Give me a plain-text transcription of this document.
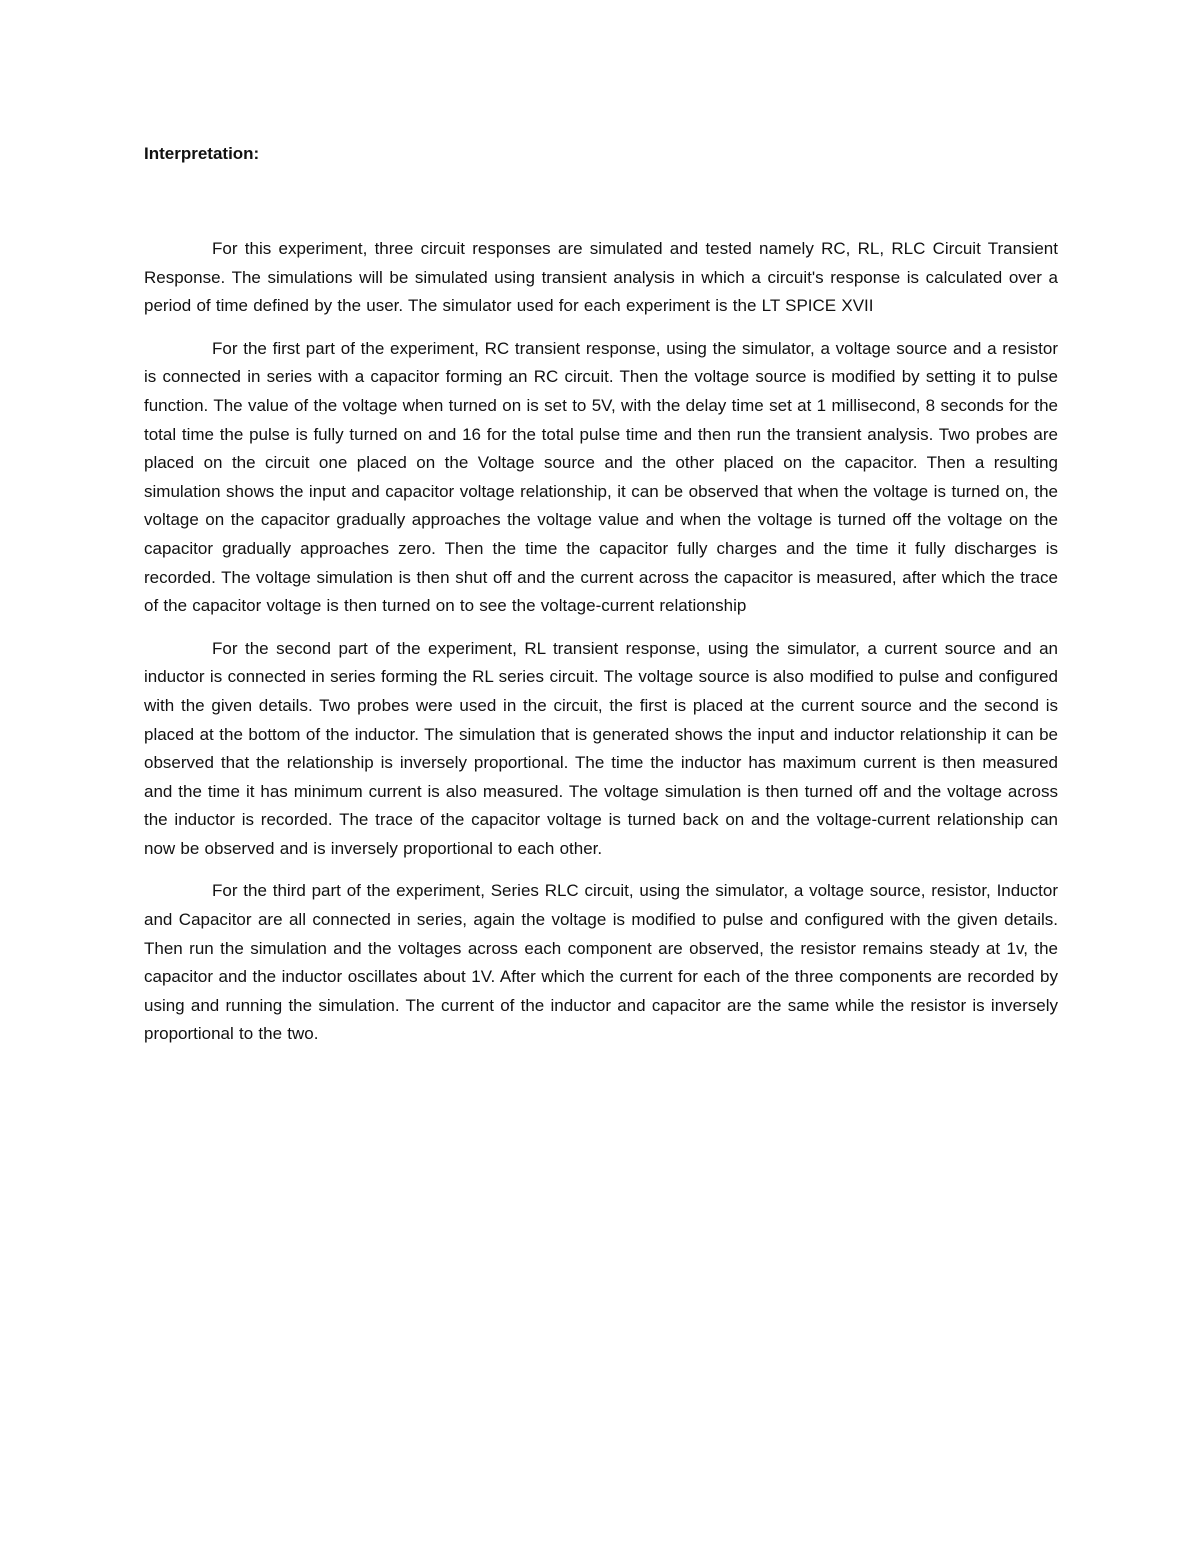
Interpretation:

For this experiment, three circuit responses are simulated and tested namely RC, RL, RLC Circuit Transient Response. The simulations will be simulated using transient analysis in which a circuit's response is calculated over a period of time defined by the user. The simulator used for each experiment is the LT SPICE XVII

For the first part of the experiment, RC transient response, using the simulator, a voltage source and a resistor is connected in series with a capacitor forming an RC circuit. Then the voltage source is modified by setting it to pulse function. The value of the voltage when turned on is set to 5V, with the delay time set at 1 millisecond, 8 seconds for the total time the pulse is fully turned on and 16 for the total pulse time and then run the transient analysis. Two probes are placed on the circuit one placed on the Voltage source and the other placed on the capacitor. Then a resulting simulation shows the input and capacitor voltage relationship, it can be observed that when the voltage is turned on, the voltage on the capacitor gradually approaches the voltage value and when the voltage is turned off the voltage on the capacitor gradually approaches zero. Then the time the capacitor fully charges and the time it fully discharges is recorded. The voltage simulation is then shut off and the current across the capacitor is measured, after which the trace of the capacitor voltage is then turned on to see the voltage-current relationship

For the second part of the experiment, RL transient response, using the simulator, a current source and an inductor is connected in series forming the RL series circuit. The voltage source is also modified to pulse and configured with the given details. Two probes were used in the circuit, the first is placed at the current source and the second is placed at the bottom of the inductor. The simulation that is generated shows the input and inductor relationship it can be observed that the relationship is inversely proportional. The time the inductor has maximum current is then measured and the time it has minimum current is also measured. The voltage simulation is then turned off and the voltage across the inductor is recorded. The trace of the capacitor voltage is turned back on and the voltage-current relationship can now be observed and is inversely proportional to each other.

For the third part of the experiment, Series RLC circuit, using the simulator, a voltage source, resistor, Inductor and Capacitor are all connected in series, again the voltage is modified to pulse and configured with the given details. Then run the simulation and the voltages across each component are observed, the resistor remains steady at 1v, the capacitor and the inductor oscillates about 1V. After which the current for each of the three components are recorded by using and running the simulation. The current of the inductor and capacitor are the same while the resistor is inversely proportional to the two.
